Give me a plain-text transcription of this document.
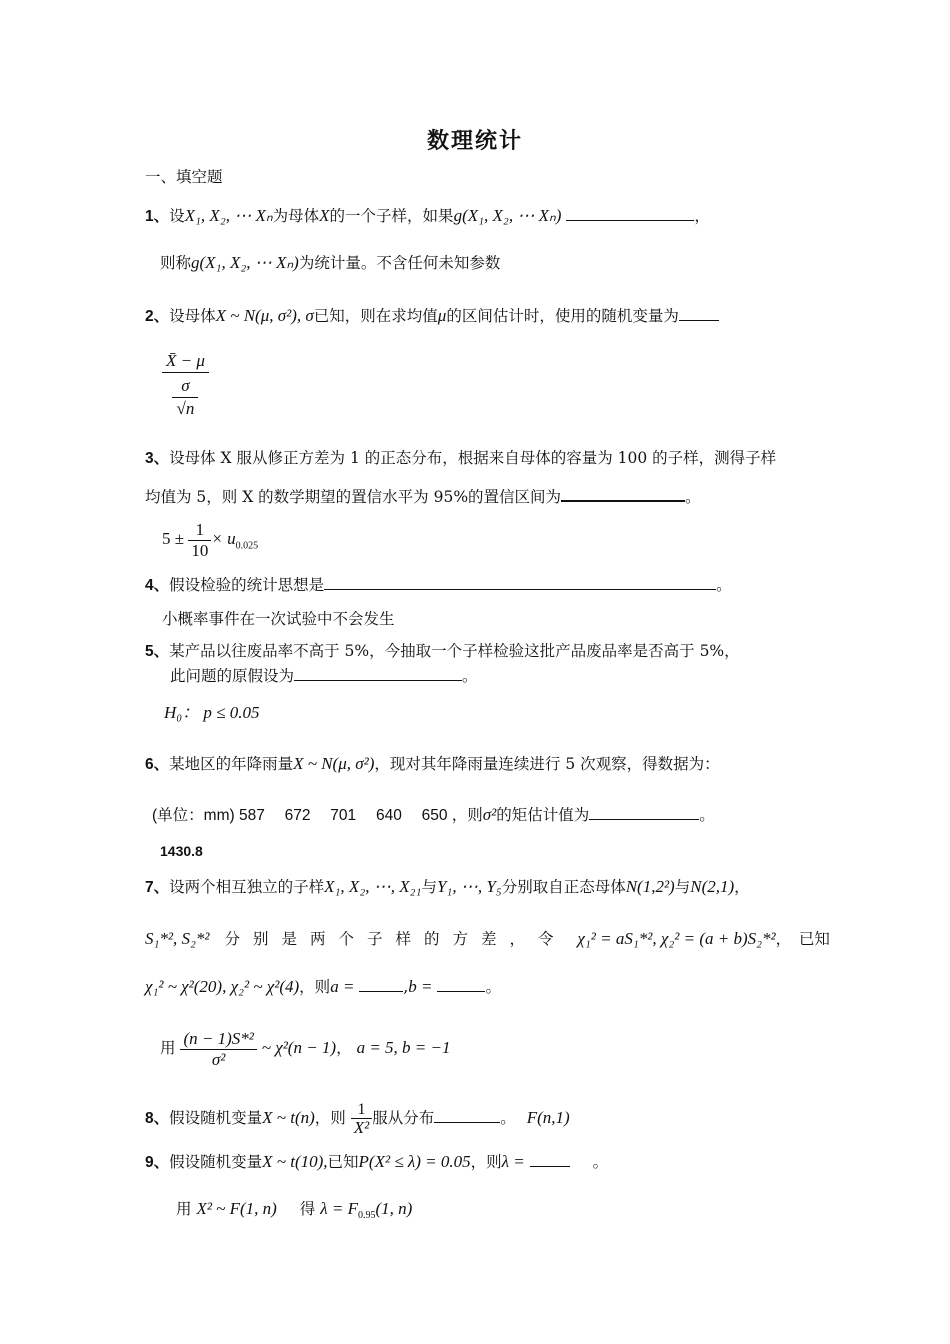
数理统计
一、填空题
1、设X₁, X₂, ⋯ Xₙ为母体X的一个子样，如果g(X₁, X₂, ⋯ Xₙ)	，
则称g(X₁, X₂, ⋯ Xₙ)为统计量。不含任何未知参数
2、设母体X ~ N(μ, σ²), σ已知，则在求均值μ的区间估计时，使用的随机变量为
X̄ − μ
σ
√n
3、设母体 X 服从修正方差为 1 的正态分布，根据来自母体的容量为 100 的子样，测得子样
均值为 5，则 X 的数学期望的置信水平为 95%的置信区间为	。
$5 \pm \frac{1}{10} \times u_{0.025}$
4、假设检验的统计思想是	。
小概率事件在一次试验中不会发生
5、某产品以往废品率不高于 5%，今抽取一个子样检验这批产品废品率是否高于 5%，
此问题的原假设为	。
H₀： p ≤ 0.05
6、某地区的年降雨量X ~ N(μ, σ²)，现对其年降雨量连续进行 5 次观察，得数据为：
(单位：mm) 587　 672　 701　 640　 650 ，则σ²的矩估计值为	。
1430.8
7、设两个相互独立的子样X₁, X₂, ⋯, X₂₁与Y₁, ⋯, Y₅分别取自正态母体N(1,2²)与N(2,1)，
S₁*², S₂*² 分别是两个子样的方差，令 χ₁² = aS₁*², χ₂² = (a + b)S₂*²，　已知
χ₁² ~ χ²(20), χ₂² ~ χ²(4)，则a =	,b =	。
用 $\frac{\text{(n − 1)S*²}}{\text{σ²}}$ ~ χ²(n − 1)， a = 5, b = −1
8、假设随机变量X ~ t(n)，则 $\frac{1}{\text{X²}}$ 服从分布	。 F(n,1)
9、假设随机变量X ~ t(10),已知P(X² ≤ λ) = 0.05，则λ =	。
用 X² ~ F(1, n) 得 $\lambda = F_{0.95}(1$, n)
